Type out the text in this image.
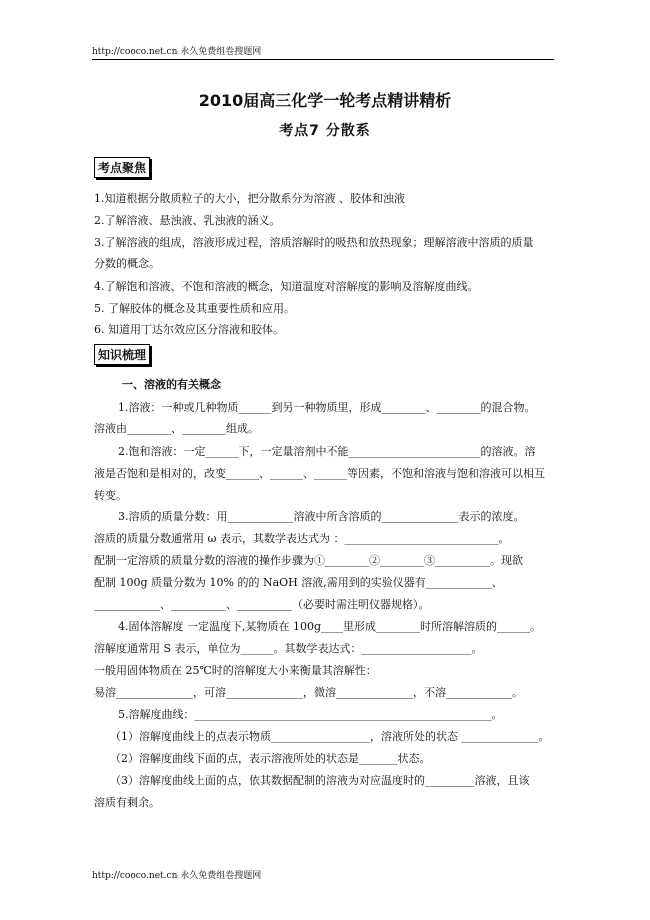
http://cooco.net.cn 永久免费组卷搜题网
2010届高三化学一轮考点精讲精析
考点7 分散系
考点聚焦
1.知道根据分散质粒子的大小，把分散系分为溶液 、胶体和浊液
2.了解溶液、悬浊液、乳浊液的涵义。
3.了解溶液的组成，溶液形成过程，溶质溶解时的吸热和放热现象；理解溶液中溶质的质量
分数的概念。
4.了解饱和溶液、不饱和溶液的概念，知道温度对溶解度的影响及溶解度曲线。
5. 了解胶体的概念及其重要性质和应用。
6. 知道用丁达尔效应区分溶液和胶体。
知识梳理
一、溶液的有关概念
1.溶液：一种或几种物质______到另一种物质里，形成________、________的混合物。
溶液由________、________组成。
2.饱和溶液：一定______下，一定量溶剂中不能________________________的溶液。溶
液是否饱和是相对的，改变______、______、______等因素，不饱和溶液与饱和溶液可以相互
转变。
3.溶质的质量分数：用____________溶液中所含溶质的______________表示的浓度。
溶质的质量分数通常用 ω 表示，其数学表达式为 ：____________________________。
配制一定溶质的质量分数的溶液的操作步骤为①________②________③__________。现欲
配制 100g 质量分数为 10% 的的 NaOH 溶液,需用到的实验仪器有____________、
____________、__________、__________（必要时需注明仪器规格）。
4.固体溶解度 一定温度下,某物质在 100g____里形成________时所溶解溶质的______。
溶解度通常用 S 表示，单位为______。其数学表达式：____________________。
一般用固体物质在 25℃时的溶解度大小来衡量其溶解性：
易溶______________，可溶______________，微溶______________，不溶____________。
5.溶解度曲线：______________________________________________________。
（1）溶解度曲线上的点表示物质__________________，溶液所处的状态 ______________。
（2）溶解度曲线下面的点，表示溶液所处的状态是_______状态。
（3）溶解度曲线上面的点，依其数据配制的溶液为对应温度时的_________溶液，且该
溶质有剩余。
http://cooco.net.cn 永久免费组卷搜题网
